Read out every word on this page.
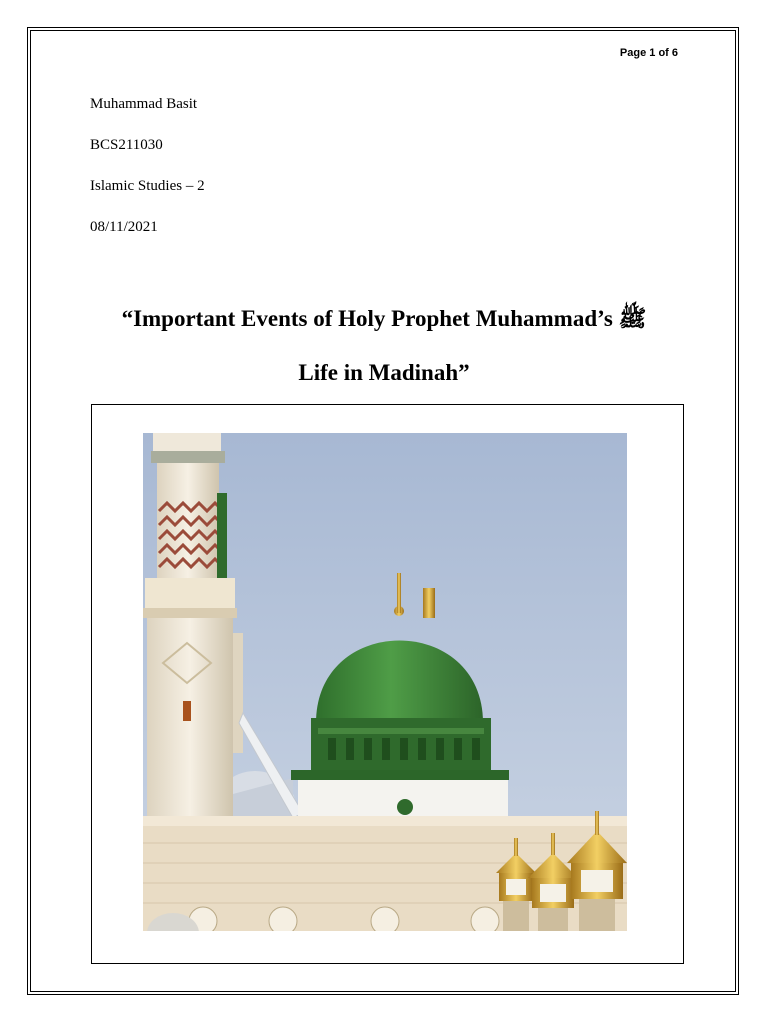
Page 1 of 6
Muhammad Basit
BCS211030
Islamic Studies – 2
08/11/2021
“Important Events of Holy Prophet Muhammad’s ﷺ
Life in Madinah”
